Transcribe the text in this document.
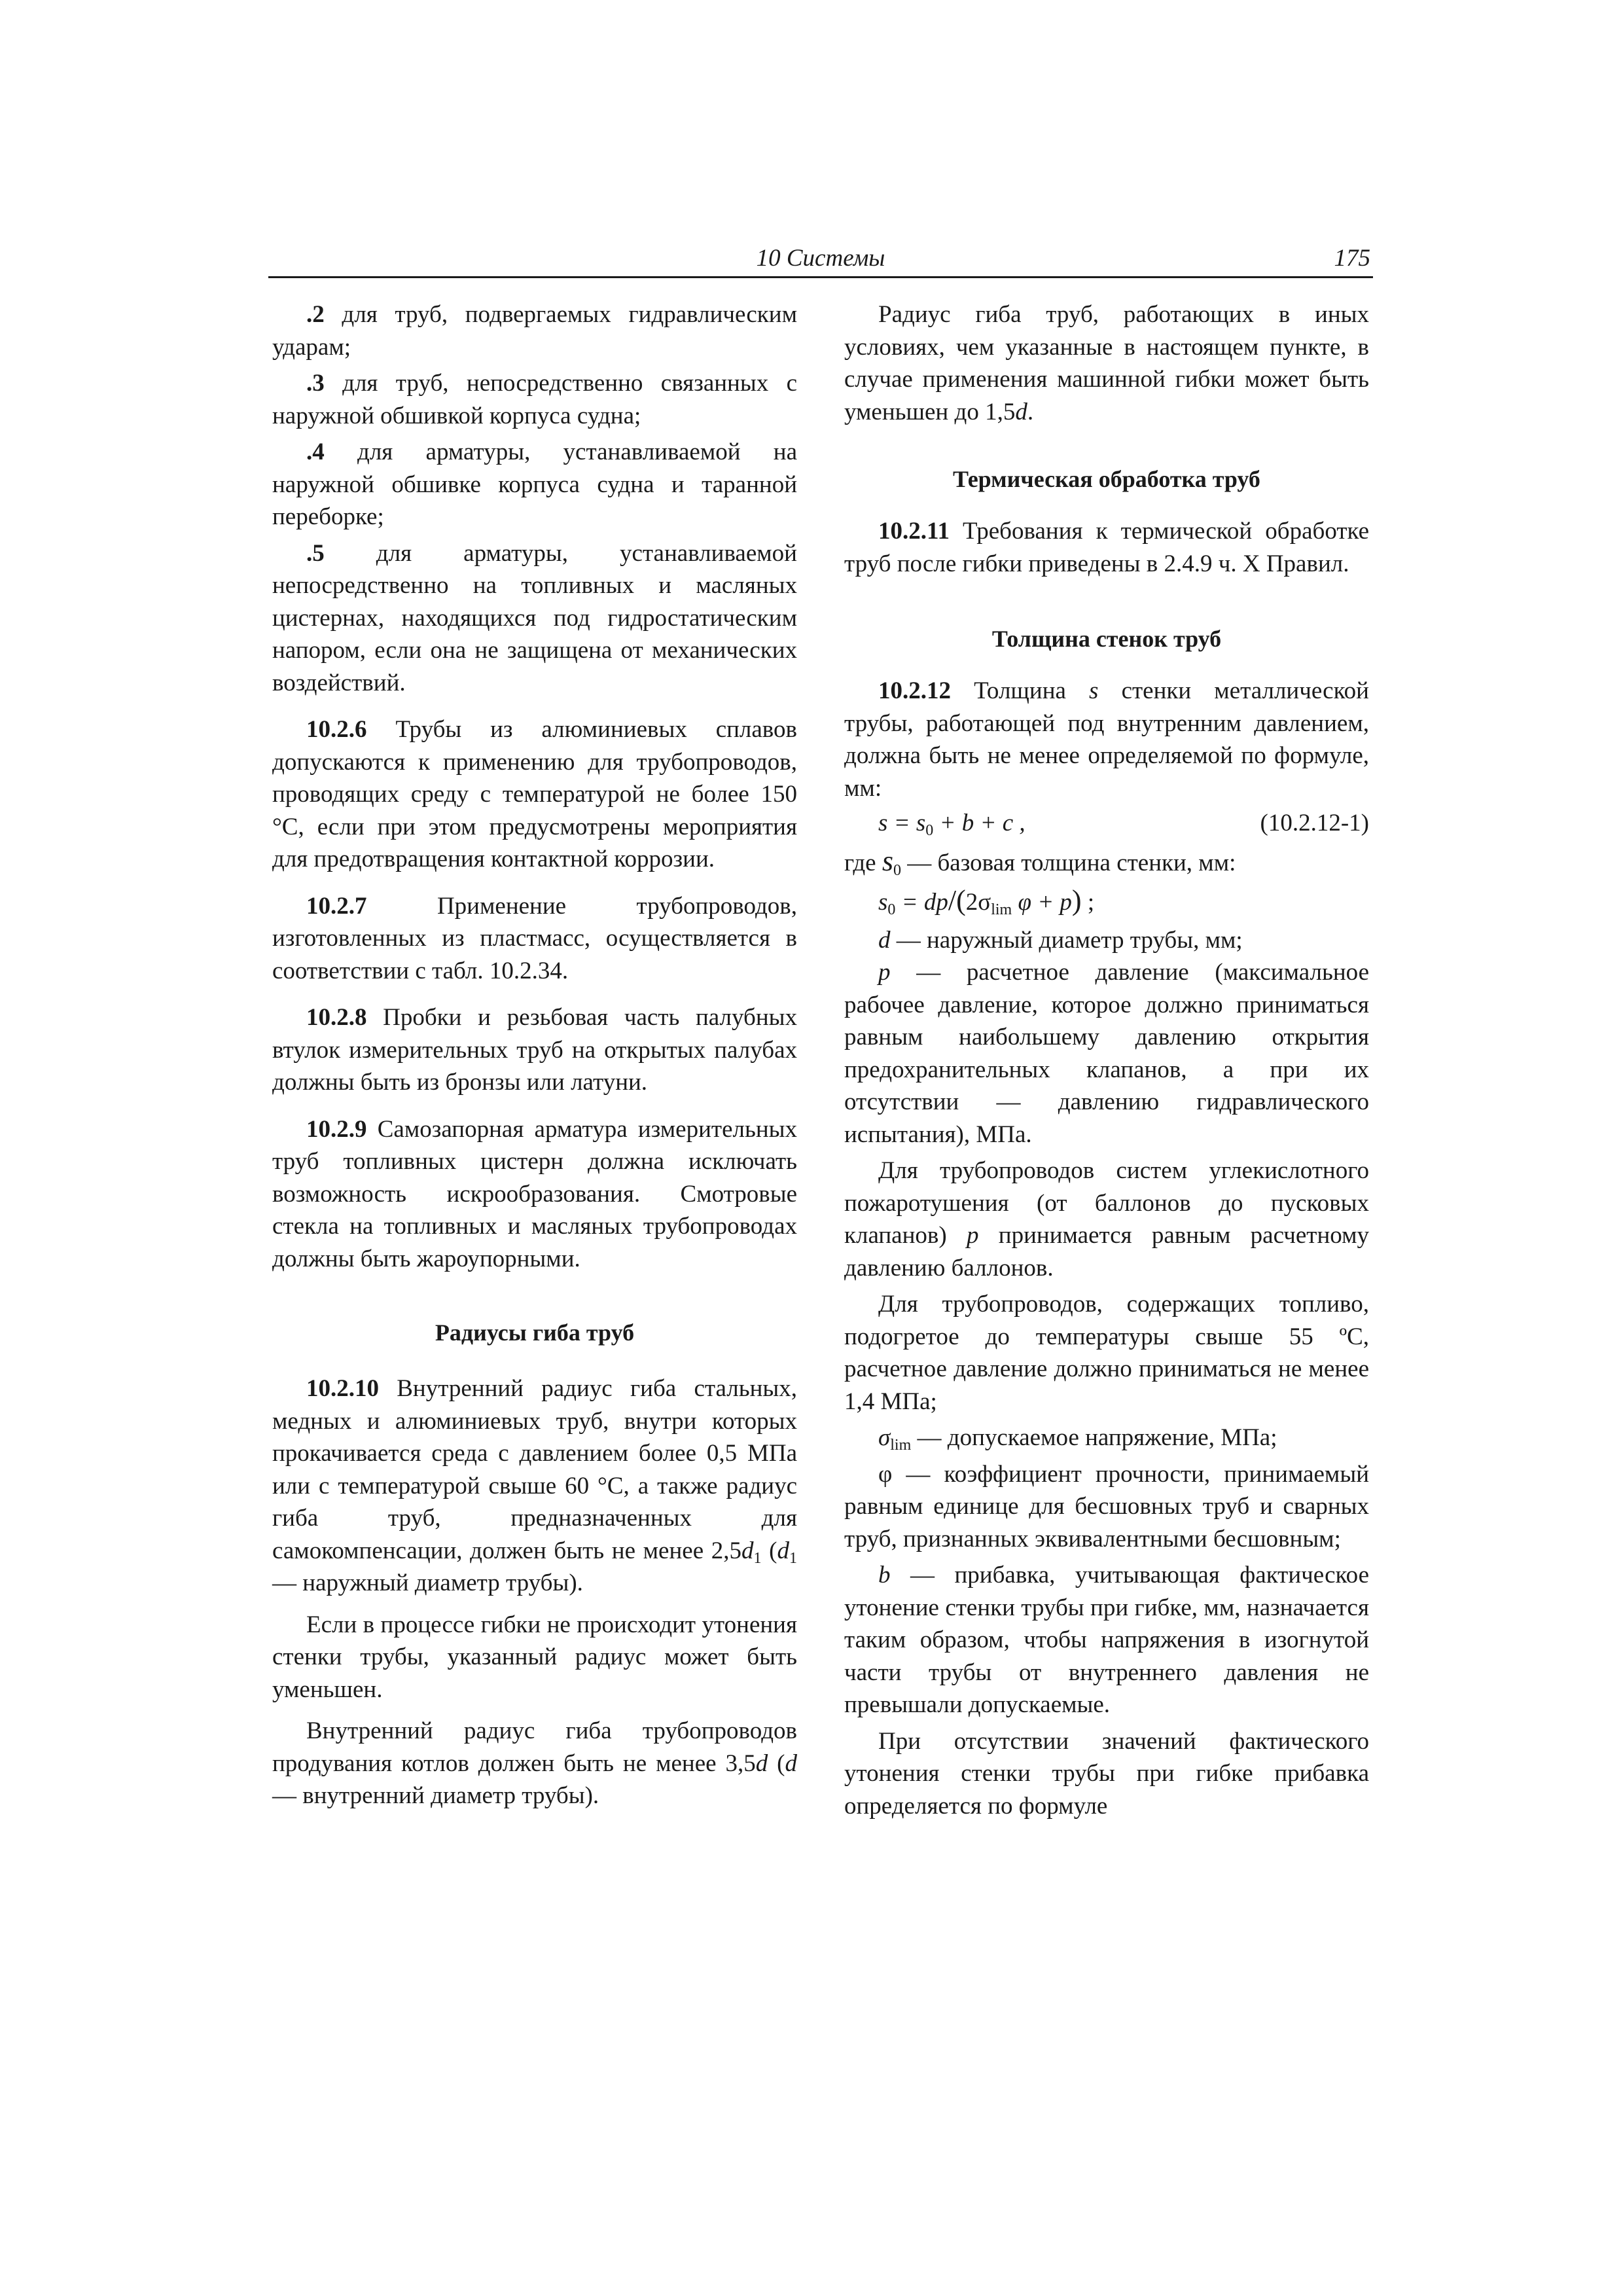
10 Системы	175

.2 для труб, подвергаемых гидравлическим ударам;

.3 для труб, непосредственно связанных с наружной обшивкой корпуса судна;

.4 для арматуры, устанавливаемой на наружной обшивке корпуса судна и таранной переборке;

.5 для арматуры, устанавливаемой непосредственно на топливных и масляных цистернах, находящихся под гидростатическим напором, если она не защищена от механических воздействий.

10.2.6 Трубы из алюминиевых сплавов допускаются к применению для трубопроводов, проводящих среду с температурой не более 150 °С, если при этом предусмотрены мероприятия для предотвращения контактной коррозии.

10.2.7 Применение трубопроводов, изготовленных из пластмасс, осуществляется в соответствии с табл. 10.2.34.

10.2.8 Пробки и резьбовая часть палубных втулок измерительных труб на открытых палубах должны быть из бронзы или латуни.

10.2.9 Самозапорная арматура измерительных труб топливных цистерн должна исключать возможность искрообразования. Смотровые стекла на топливных и масляных трубопроводах должны быть жароупорными.

Радиусы гиба труб

10.2.10 Внутренний радиус гиба стальных, медных и алюминиевых труб, внутри которых прокачивается среда с давлением более 0,5 МПа или с температурой свыше 60 °С, а также радиус гиба труб, предназначенных для самокомпенсации, должен быть не менее $2,5d_1$ ($d_1$ — наружный диаметр трубы).

Если в процессе гибки не происходит утонения стенки трубы, указанный радиус может быть уменьшен.

Внутренний радиус гиба трубопроводов продувания котлов должен быть не менее 3,5d (d — внутренний диаметр трубы).

Радиус гиба труб, работающих в иных условиях, чем указанные в настоящем пункте, в случае применения машинной гибки может быть уменьшен до 1,5d.

Термическая обработка труб

10.2.11 Требования к термической обработке труб после гибки приведены в 2.4.9 ч. X Правил.

Толщина стенок труб

10.2.12 Толщина s стенки металлической трубы, работающей под внутренним давлением, должна быть не менее определяемой по формуле, мм:

$s = s_0 + b + c$ ,	(10.2.12-1)

где $s_0$ — базовая толщина стенки, мм:

$s_0 = dp/(2\sigma_{lim}$ φ + p) ;

d — наружный диаметр трубы, мм;

p — расчетное давление (максимальное рабочее давление, которое должно приниматься равным наибольшему давлению открытия предохранительных клапанов, а при их отсутствии — давлению гидравлического испытания), МПа.

Для трубопроводов систем углекислотного пожаротушения (от баллонов до пусковых клапанов) p принимается равным расчетному давлению баллонов.

Для трубопроводов, содержащих топливо, подогретое до температуры свыше 55 ºС, расчетное давление должно приниматься не менее 1,4 МПа;

$\sigma_{lim}$ — допускаемое напряжение, МПа;

φ — коэффициент прочности, принимаемый равным единице для бесшовных труб и сварных труб, признанных эквивалентными бесшовным;

b — прибавка, учитывающая фактическое утонение стенки трубы при гибке, мм, назначается таким образом, чтобы напряжения в изогнутой части трубы от внутреннего давления не превышали допускаемые.

При отсутствии значений фактического утонения стенки трубы при гибке прибавка определяется по формуле
